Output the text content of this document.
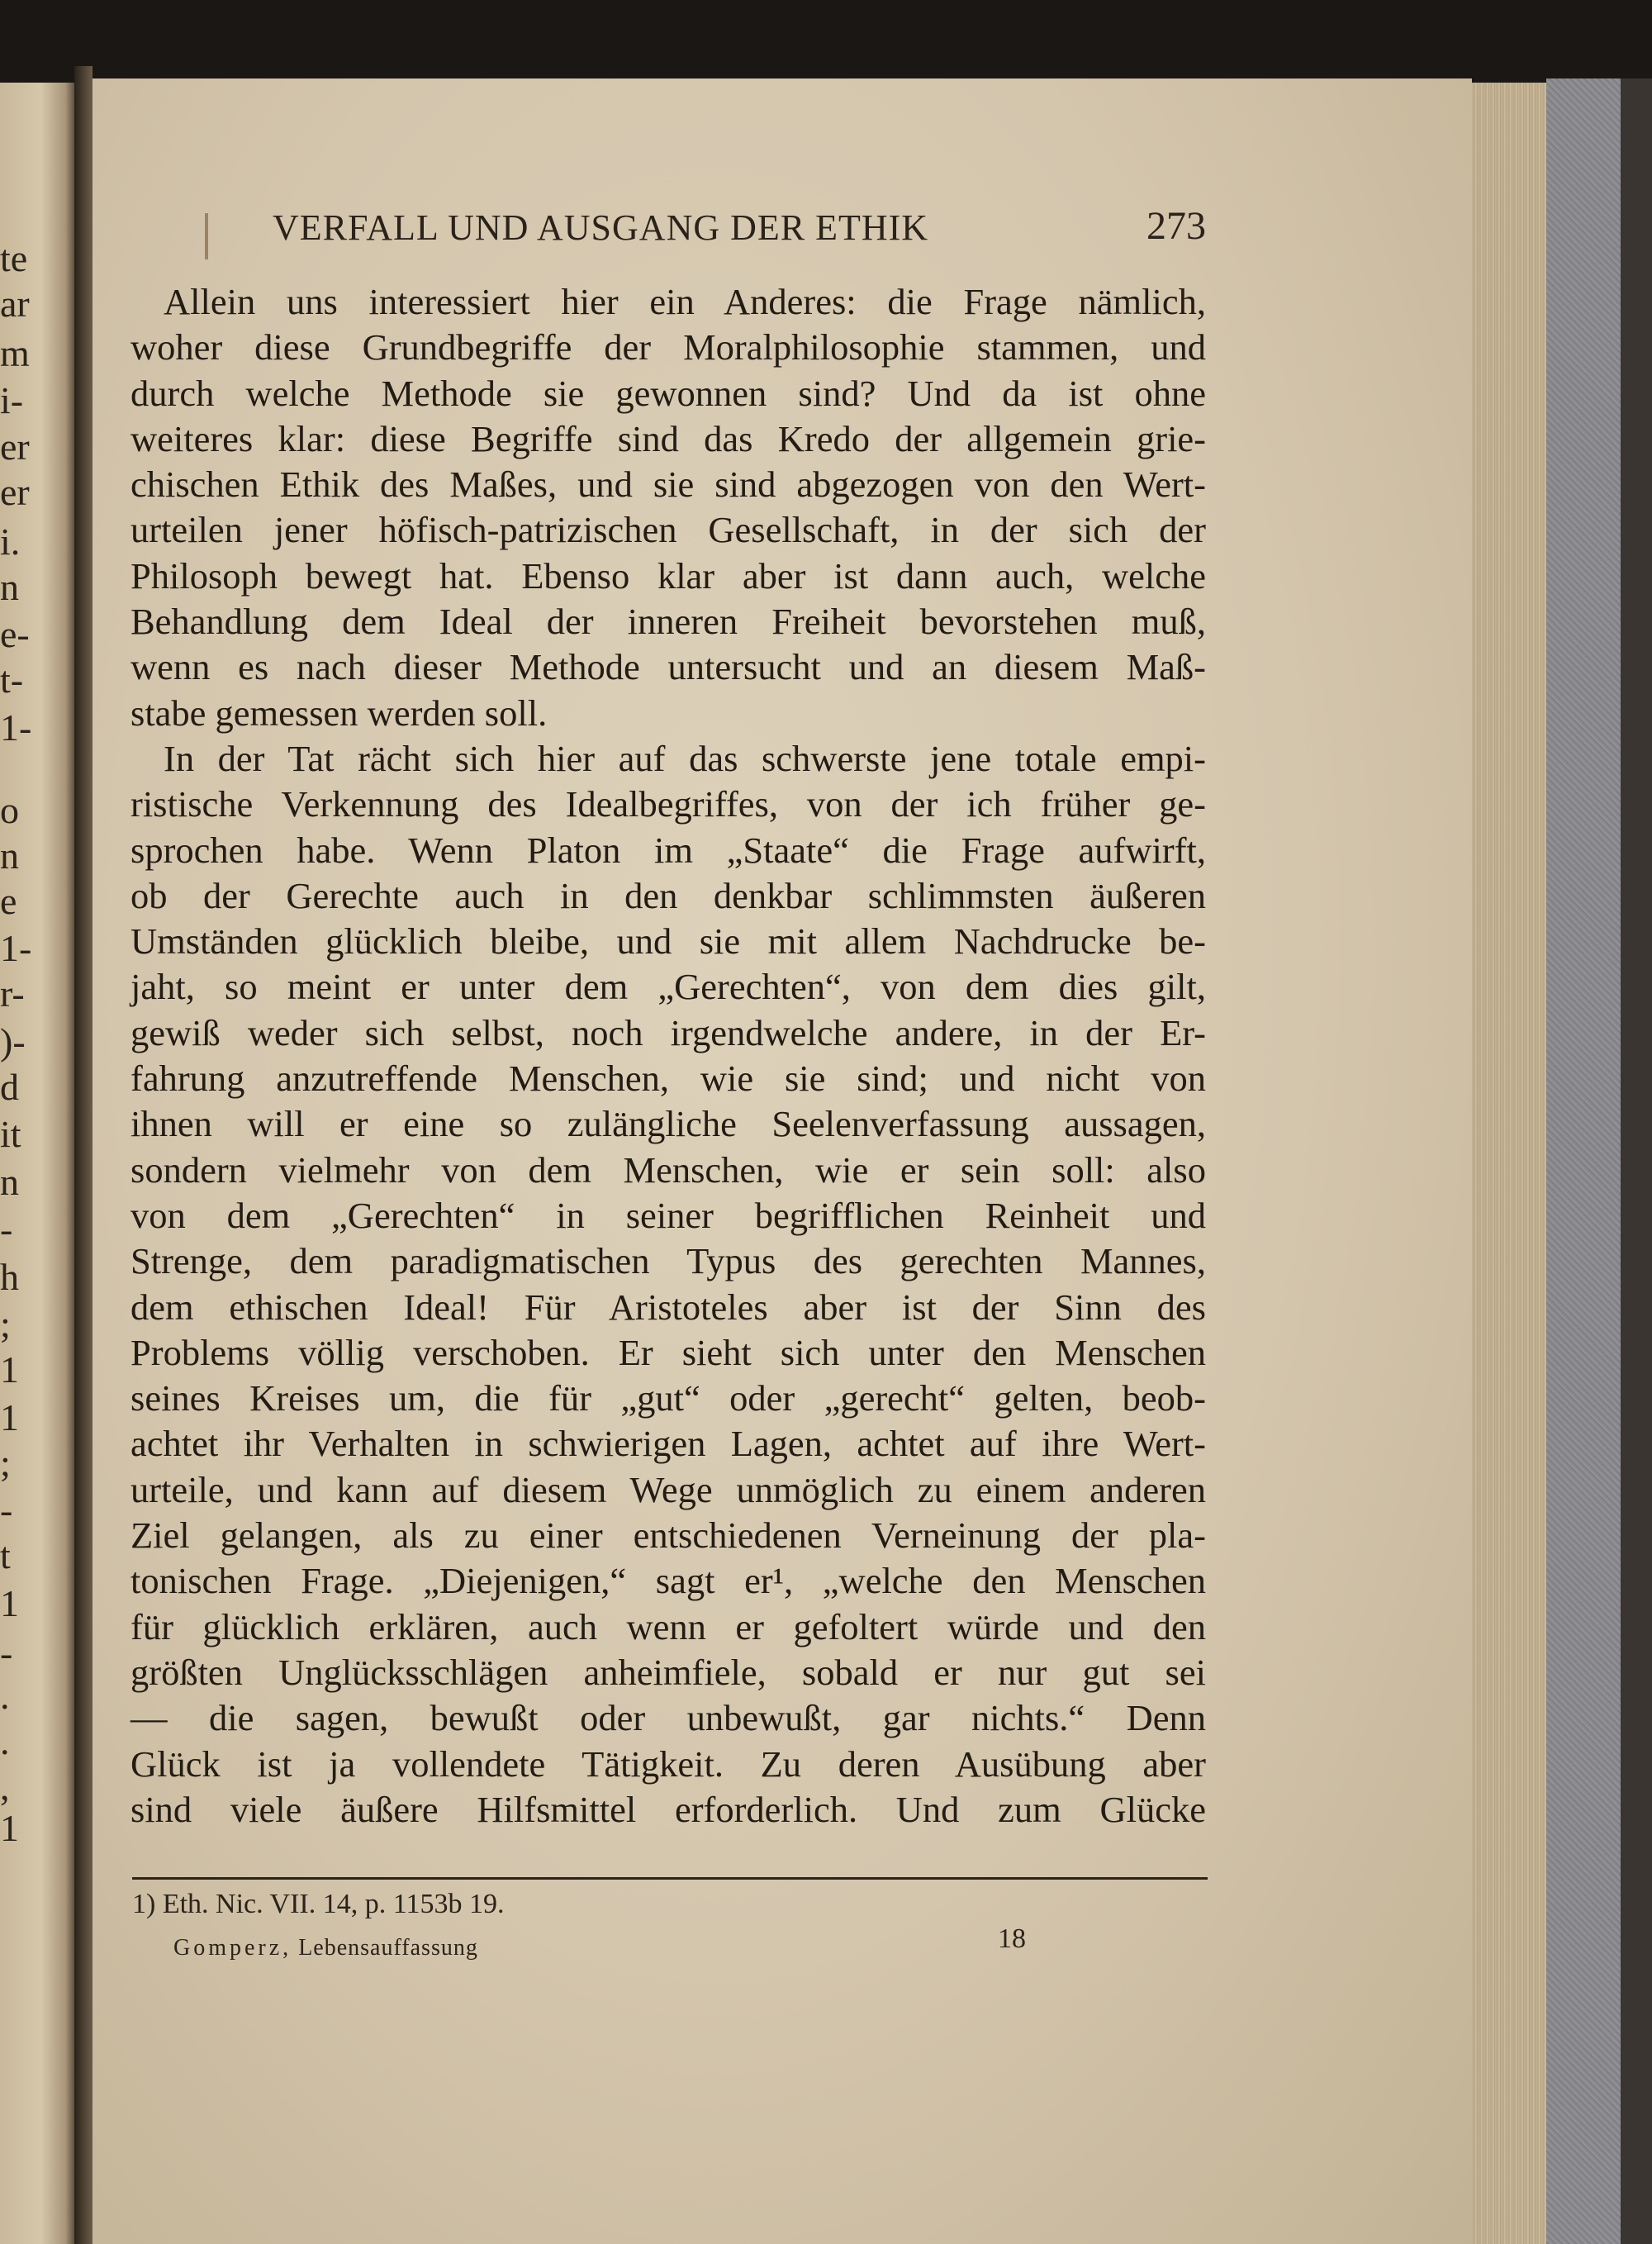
te
ar
m
i-
er
er
i.
n
e-
t-
1-
o
n
e
1-
r-
)-
d
it
n
-
h
;
1
1
;
-
t
1
-
.
.
,
1
VERFALL UND AUSGANG DER ETHIK	273
Allein uns interessiert hier ein Anderes: die Frage nämlich,
woher diese Grundbegriffe der Moralphilosophie stammen, und
durch welche Methode sie gewonnen sind? Und da ist ohne
weiteres klar: diese Begriffe sind das Kredo der allgemein grie-
chischen Ethik des Maßes, und sie sind abgezogen von den Wert-
urteilen jener höfisch-patrizischen Gesellschaft, in der sich der
Philosoph bewegt hat. Ebenso klar aber ist dann auch, welche
Behandlung dem Ideal der inneren Freiheit bevorstehen muß,
wenn es nach dieser Methode untersucht und an diesem Maß-
stabe gemessen werden soll.
In der Tat rächt sich hier auf das schwerste jene totale empi-
ristische Verkennung des Idealbegriffes, von der ich früher ge-
sprochen habe. Wenn Platon im „Staate“ die Frage aufwirft,
ob der Gerechte auch in den denkbar schlimmsten äußeren
Umständen glücklich bleibe, und sie mit allem Nachdrucke be-
jaht, so meint er unter dem „Gerechten“, von dem dies gilt,
gewiß weder sich selbst, noch irgendwelche andere, in der Er-
fahrung anzutreffende Menschen, wie sie sind; und nicht von
ihnen will er eine so zulängliche Seelenverfassung aussagen,
sondern vielmehr von dem Menschen, wie er sein soll: also
von dem „Gerechten“ in seiner begrifflichen Reinheit und
Strenge, dem paradigmatischen Typus des gerechten Mannes,
dem ethischen Ideal! Für Aristoteles aber ist der Sinn des
Problems völlig verschoben. Er sieht sich unter den Menschen
seines Kreises um, die für „gut“ oder „gerecht“ gelten, beob-
achtet ihr Verhalten in schwierigen Lagen, achtet auf ihre Wert-
urteile, und kann auf diesem Wege unmöglich zu einem anderen
Ziel gelangen, als zu einer entschiedenen Verneinung der pla-
tonischen Frage. „Diejenigen,“ sagt er¹, „welche den Menschen
für glücklich erklären, auch wenn er gefoltert würde und den
größten Unglücksschlägen anheimfiele, sobald er nur gut sei
— die sagen, bewußt oder unbewußt, gar nichts.“ Denn
Glück ist ja vollendete Tätigkeit. Zu deren Ausübung aber
sind viele äußere Hilfsmittel erforderlich. Und zum Glücke
1) Eth. Nic. VII. 14, p. 1153b 19.
Gomperz, Lebensauffassung	18
